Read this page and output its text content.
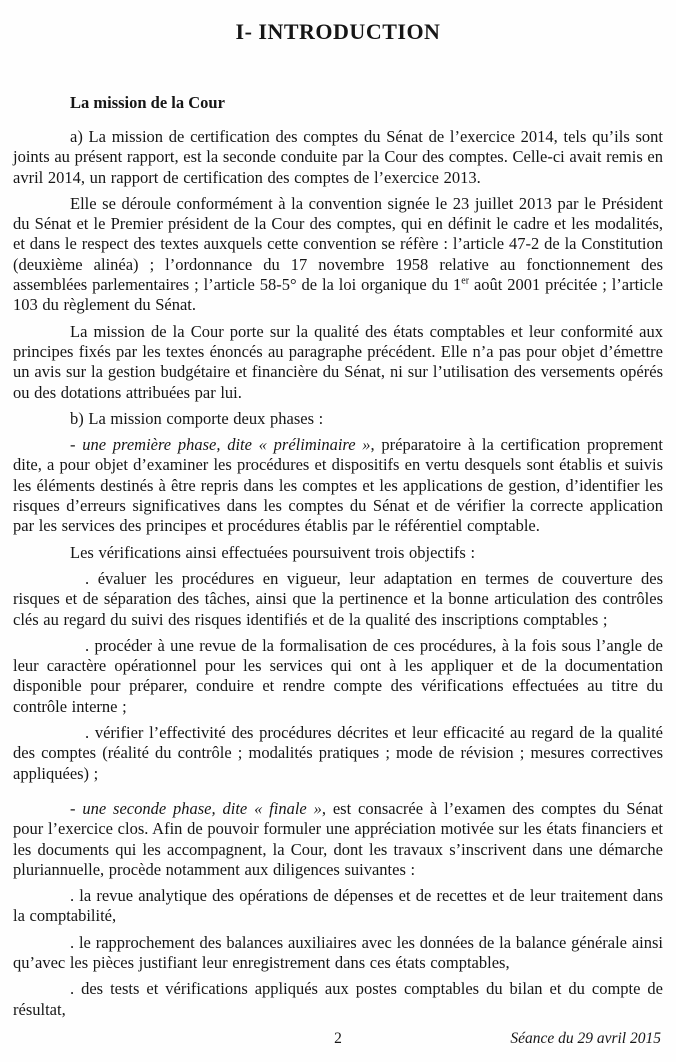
I- INTRODUCTION
La mission de la Cour

a) La mission de certification des comptes du Sénat de l’exercice 2014, tels qu’ils sont joints au présent rapport, est la seconde conduite par la Cour des comptes. Celle-ci avait remis en avril 2014, un rapport de certification des comptes de l’exercice 2013.

Elle se déroule conformément à la convention signée le 23 juillet 2013 par le Président du Sénat et le Premier président de la Cour des comptes, qui en définit le cadre et les modalités, et dans le respect des textes auxquels cette convention se réfère : l’article 47-2 de la Constitution (deuxième alinéa) ; l’ordonnance du 17 novembre 1958 relative au fonctionnement des assemblées parlementaires ; l’article 58-5° de la loi organique du 1er août 2001 précitée ; l’article 103 du règlement du Sénat.

La mission de la Cour porte sur la qualité des états comptables et leur conformité aux principes fixés par les textes énoncés au paragraphe précédent. Elle n’a pas pour objet d’émettre un avis sur la gestion budgétaire et financière du Sénat, ni sur l’utilisation des versements opérés ou des dotations attribuées par lui.

b) La mission comporte deux phases :

- une première phase, dite « préliminaire », préparatoire à la certification proprement dite, a pour objet d’examiner les procédures et dispositifs en vertu desquels sont établis et suivis les éléments destinés à être repris dans les comptes et les applications de gestion, d’identifier les risques d’erreurs significatives dans les comptes du Sénat et de vérifier la correcte application par les services des principes et procédures établis par le référentiel comptable.

Les vérifications ainsi effectuées poursuivent trois objectifs :

. évaluer les procédures en vigueur, leur adaptation en termes de couverture des risques et de séparation des tâches, ainsi que la pertinence et la bonne articulation des contrôles clés au regard du suivi des risques identifiés et de la qualité des inscriptions comptables ;

. procéder à une revue de la formalisation de ces procédures, à la fois sous l’angle de leur caractère opérationnel pour les services qui ont à les appliquer et de la documentation disponible pour préparer, conduire et rendre compte des vérifications effectuées au titre du contrôle interne ;

. vérifier l’effectivité des procédures décrites et leur efficacité au regard de la qualité des comptes (réalité du contrôle ; modalités pratiques ; mode de révision ; mesures correctives appliquées) ;

- une seconde phase, dite « finale », est consacrée à l’examen des comptes du Sénat pour l’exercice clos. Afin de pouvoir formuler une appréciation motivée sur les états financiers et les documents qui les accompagnent, la Cour, dont les travaux s’inscrivent dans une démarche pluriannuelle, procède notamment aux diligences suivantes :

. la revue analytique des opérations de dépenses et de recettes et de leur traitement dans la comptabilité,

. le rapprochement des balances auxiliaires avec les données de la balance générale ainsi qu’avec les pièces justifiant leur enregistrement dans ces états comptables,

. des tests et vérifications appliqués aux postes comptables du bilan et du compte de résultat,

2	Séance du 29 avril 2015
